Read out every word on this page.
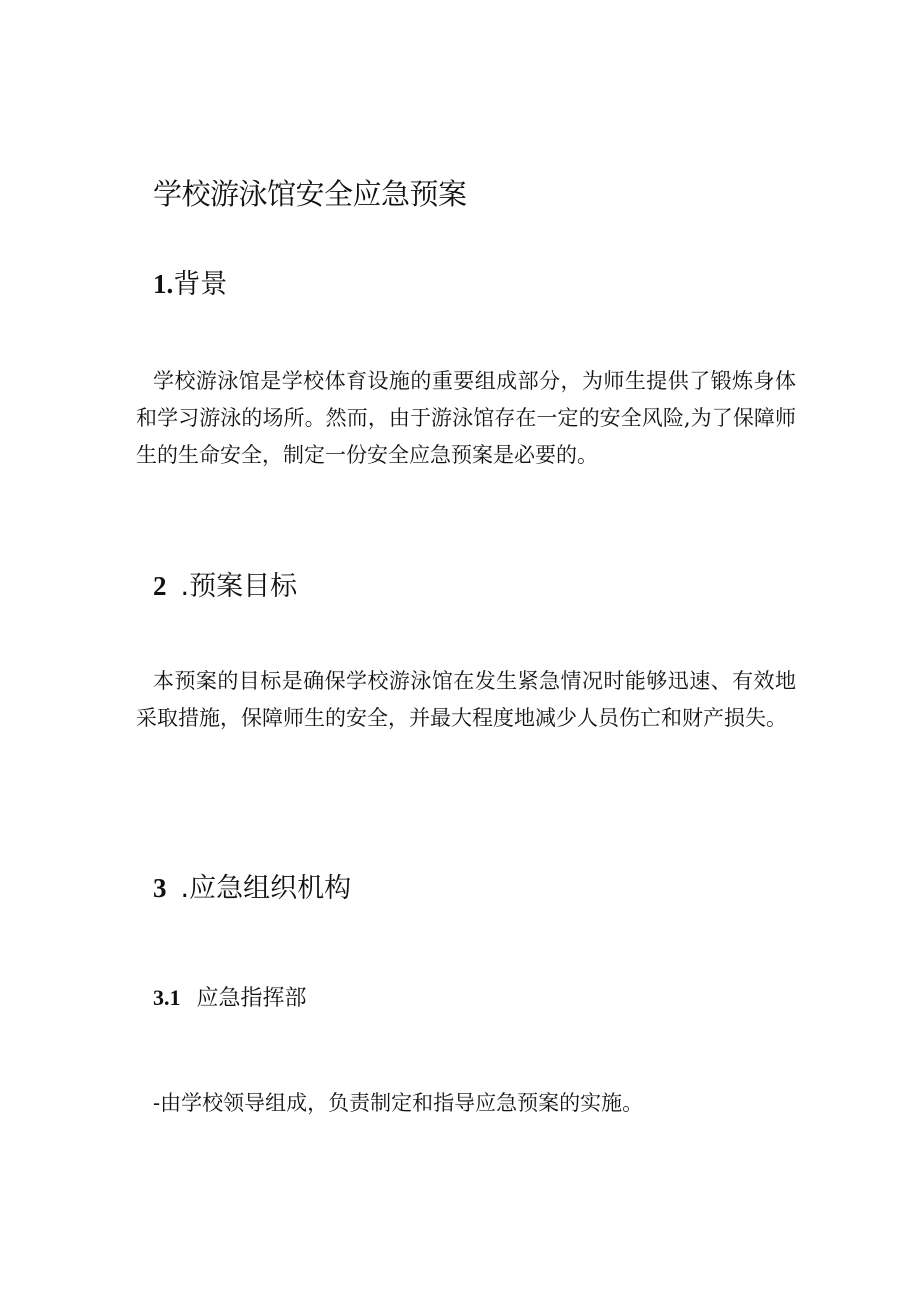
学校游泳馆安全应急预案
1.背景

学校游泳馆是学校体育设施的重要组成部分，为师生提供了锻炼身体和学习游泳的场所。然而，由于游泳馆存在一定的安全风险,为了保障师生的生命安全，制定一份安全应急预案是必要的。

2 .预案目标

本预案的目标是确保学校游泳馆在发生紧急情况时能够迅速、有效地采取措施，保障师生的安全，并最大程度地减少人员伤亡和财产损失。

3 .应急组织机构
3.1 应急指挥部

-由学校领导组成，负责制定和指导应急预案的实施。
